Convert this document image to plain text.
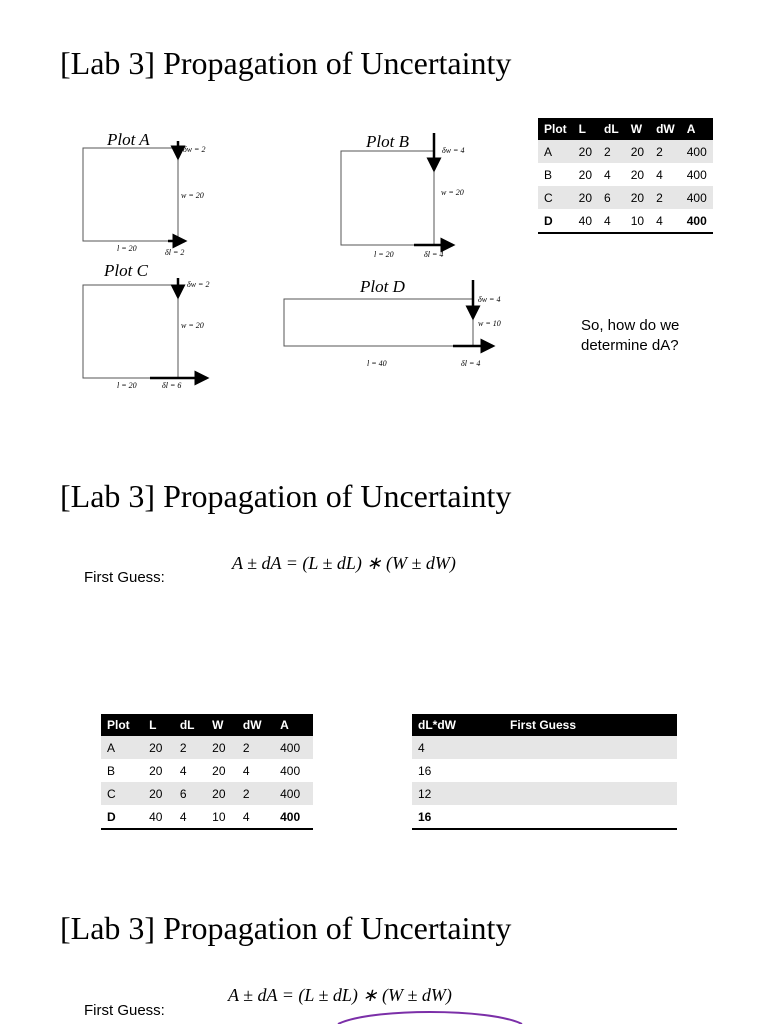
[Lab 3] Propagation of Uncertainty
Plot A
δw = 2
w = 20
l = 20	δl = 2
Plot B	δw = 4
w = 20
l = 20	δl = 4
Plot C
δw = 2
w = 20
l = 20	δl = 6
Plot D
δw = 4
w = 10
l = 40	δl = 4
Plot	L	dL	W	dW	A
A	20	2	20	2	400
B	20	4	20	4	400
C	20	6	20	2	400
D	40	4	10	4	400
So, how do we determine dA?
[Lab 3] Propagation of Uncertainty
First Guess:
A ± dA = (L ± dL) ∗ (W ± dW)
Plot	L	dL	W	dW	A
A	20	2	20	2	400
B	20	4	20	4	400
C	20	6	20	2	400
D	40	4	10	4	400
dL*dW	First Guess
4	
16	
12	
16	
[Lab 3] Propagation of Uncertainty
First Guess:
A ± dA = (L ± dL) ∗ (W ± dW)
